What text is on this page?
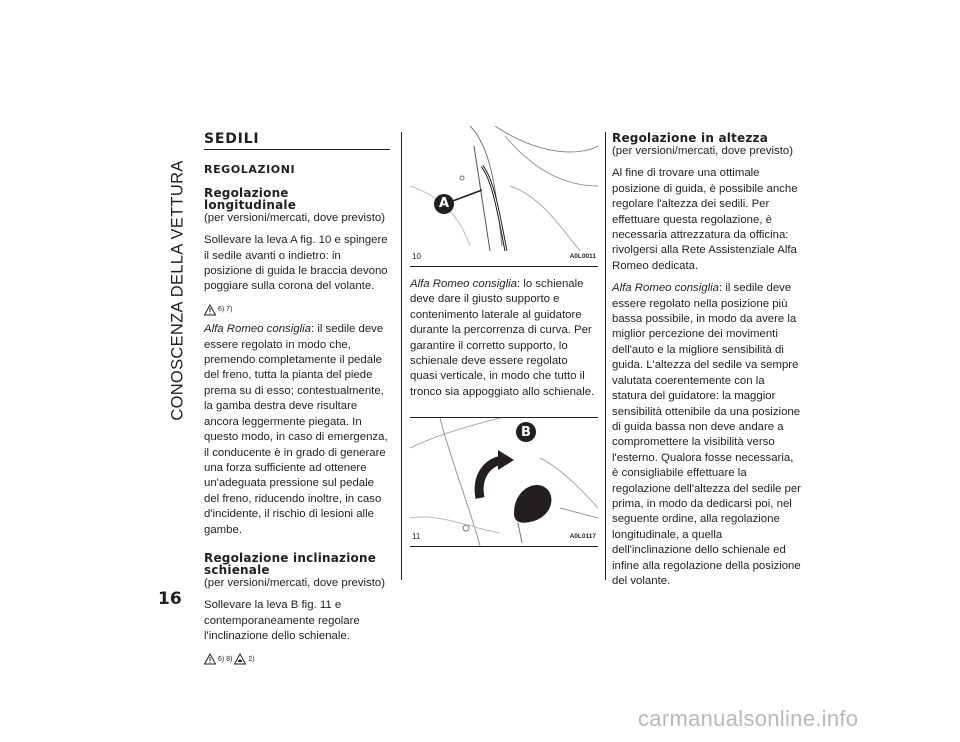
CONOSCENZA DELLA VETTURA
16
SEDILI
REGOLAZIONI
Regolazione
longitudinale

(per versioni/mercati, dove previsto)

Sollevare la leva A fig. 10 e spingere il sedile avanti o indietro: in posizione di guida le braccia devono poggiare sulla corona del volante.

6) 7)

Alfa Romeo consiglia: il sedile deve essere regolato in modo che, premendo completamente il pedale del freno, tutta la pianta del piede prema su di esso; contestualmente, la gamba destra deve risultare ancora leggermente piegata. In questo modo, in caso di emergenza, il conducente è in grado di generare una forza sufficiente ad ottenere un'adeguata pressione sul pedale del freno, riducendo inoltre, in caso d'incidente, il rischio di lesioni alle gambe.

Regolazione inclinazione
schienale

(per versioni/mercati, dove previsto)

Sollevare la leva B fig. 11 e contemporaneamente regolare l'inclinazione dello schienale.

6) 8) 2)
A
10	A0L0011

Alfa Romeo consiglia: lo schienale deve dare il giusto supporto e contenimento laterale al guidatore durante la percorrenza di curva. Per garantire il corretto supporto, lo schienale deve essere regolato quasi verticale, in modo che tutto il tronco sia appoggiato allo schienale.

B
11	A0L0117
Regolazione in altezza

(per versioni/mercati, dove previsto)

Al fine di trovare una ottimale posizione di guida, è possibile anche regolare l'altezza dei sedili. Per effettuare questa regolazione, è necessaria attrezzatura da officina: rivolgersi alla Rete Assistenziale Alfa Romeo dedicata.

Alfa Romeo consiglia: il sedile deve essere regolato nella posizione più bassa possibile, in modo da avere la miglior percezione dei movimenti dell'auto e la migliore sensibilità di guida. L'altezza del sedile va sempre valutata coerentemente con la statura del guidatore: la maggior sensibilità ottenibile da una posizione di guida bassa non deve andare a compromettere la visibilità verso l'esterno. Qualora fosse necessaria, è consigliabile effettuare la regolazione dell'altezza del sedile per prima, in modo da dedicarsi poi, nel seguente ordine, alla regolazione longitudinale, a quella dell'inclinazione dello schienale ed infine alla regolazione della posizione del volante.

carmanualsonline.info
